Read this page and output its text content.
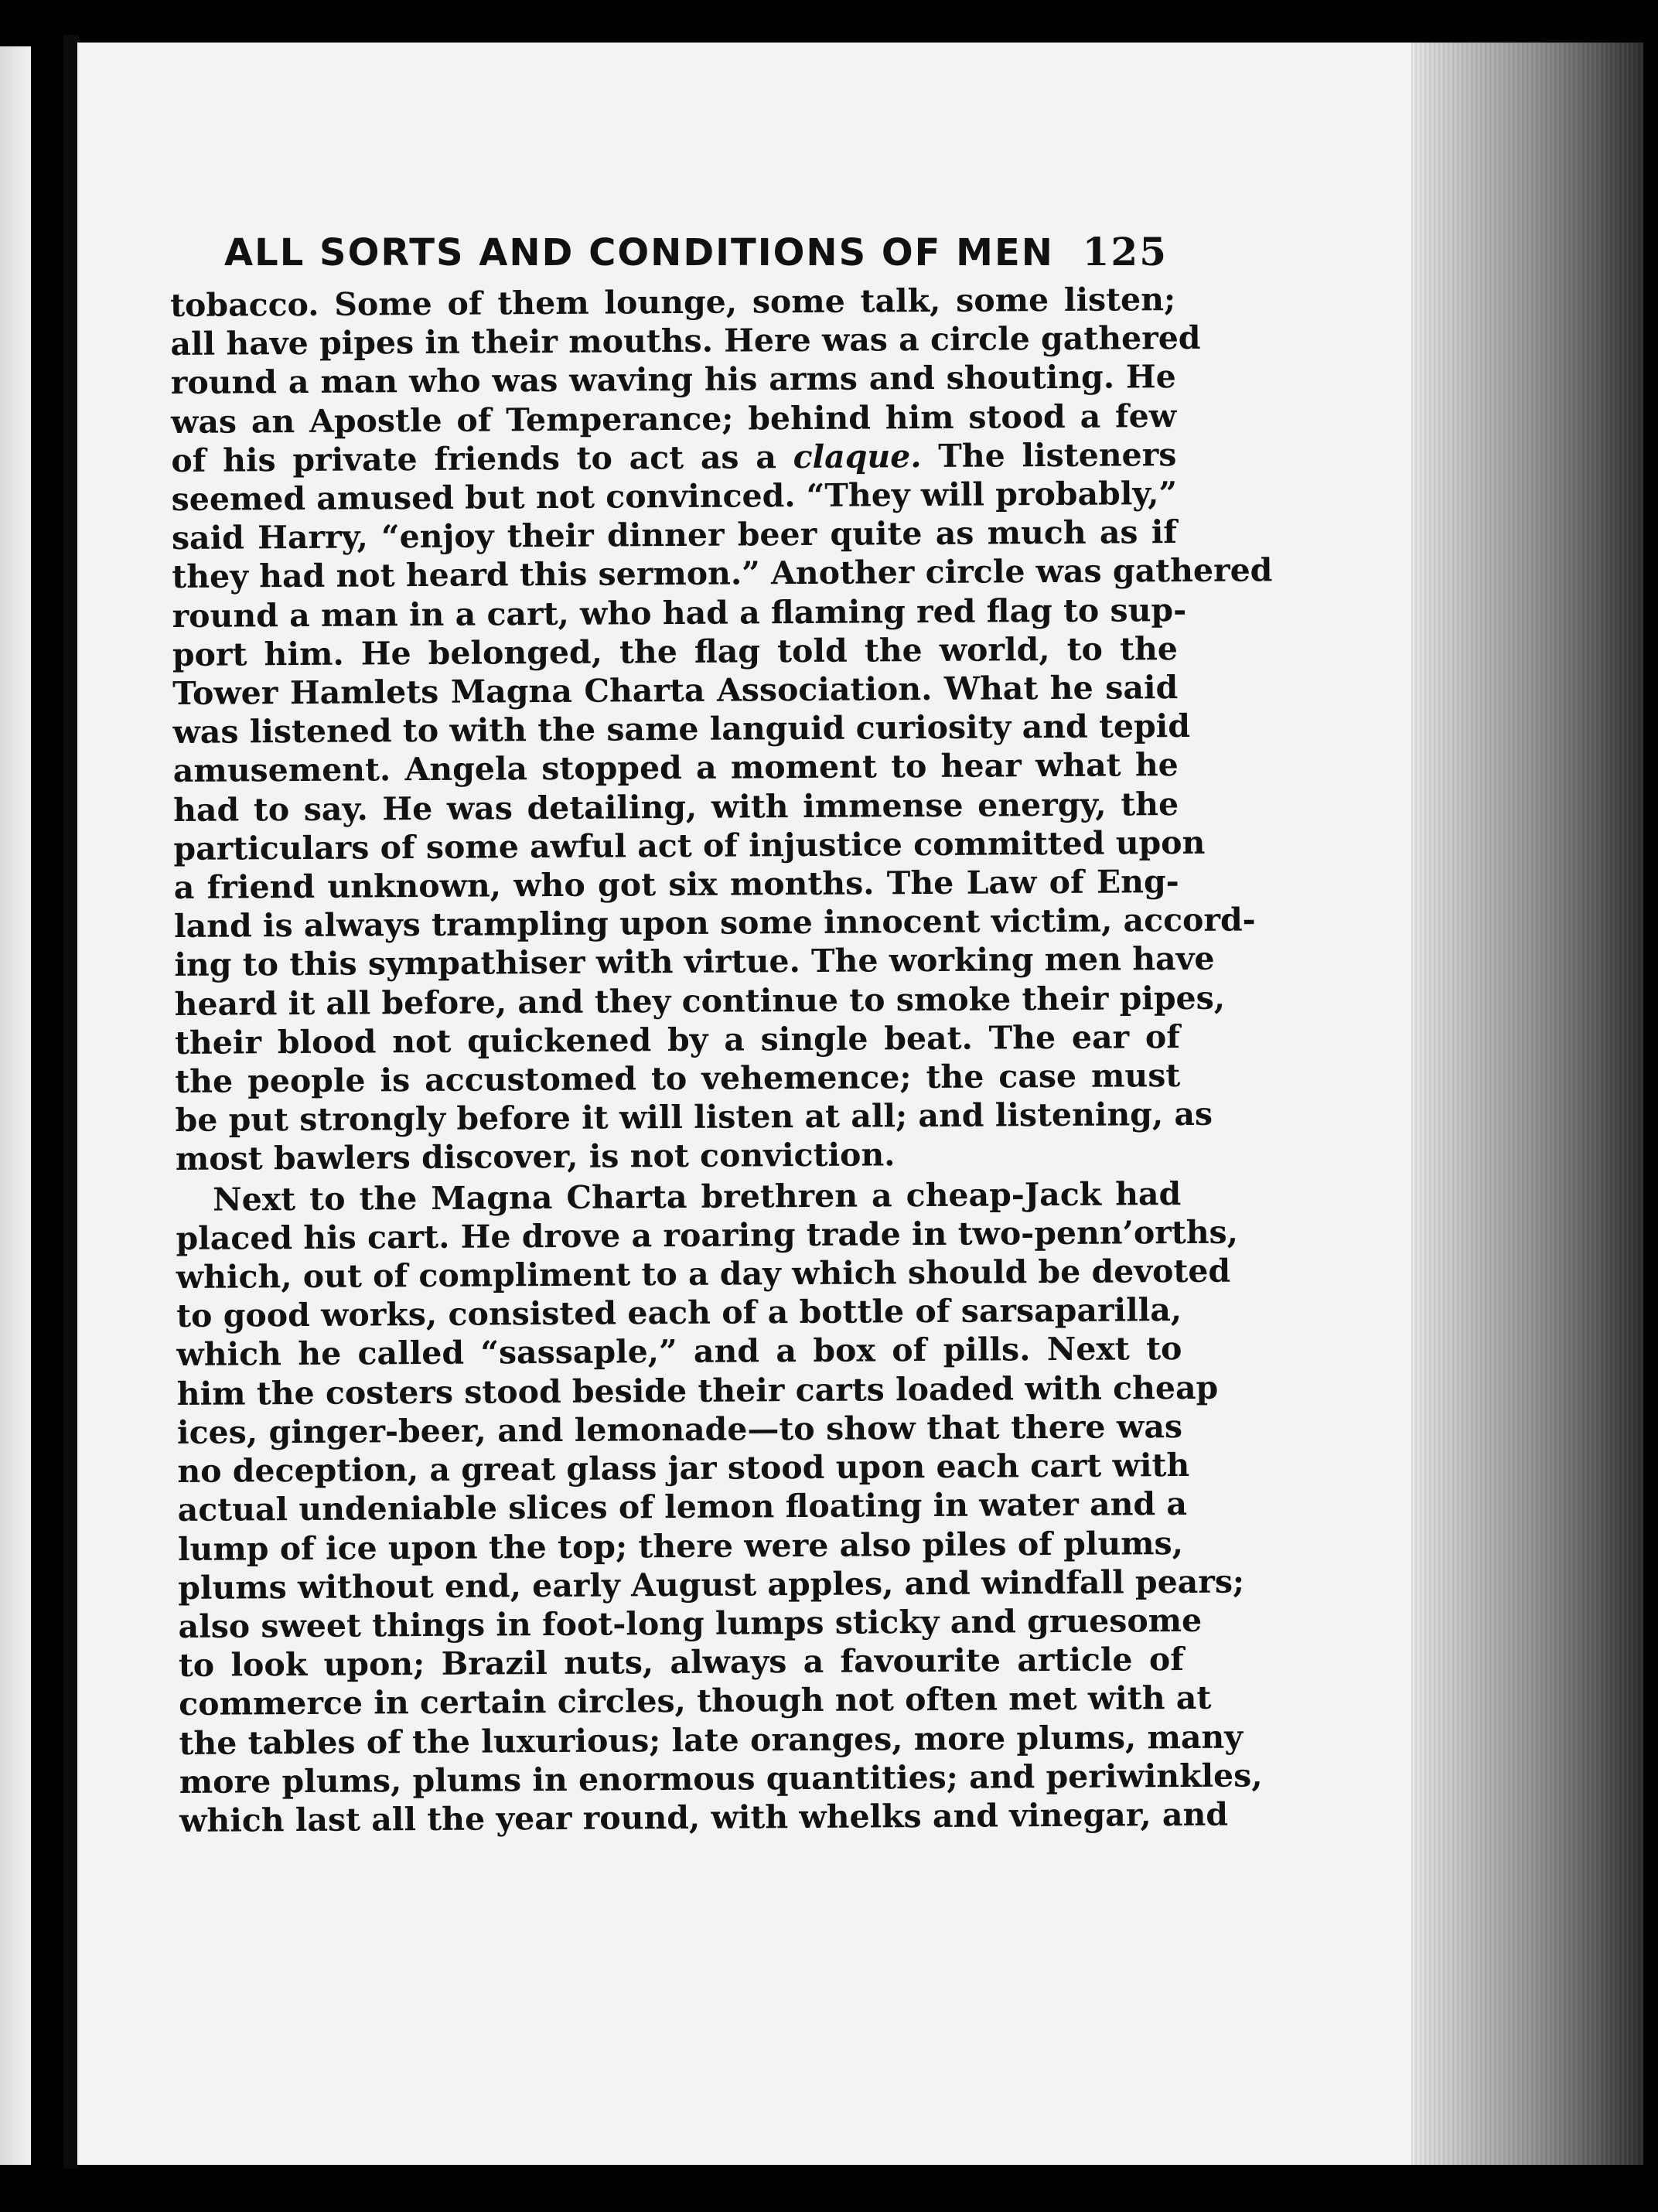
ALL SORTS AND CONDITIONS OF MEN 125
tobacco. Some of them lounge, some talk, some listen;
all have pipes in their mouths. Here was a circle gathered
round a man who was waving his arms and shouting. He
was an Apostle of Temperance; behind him stood a few
of his private friends to act as a claque. The listeners
seemed amused but not convinced. “They will probably,”
said Harry, “enjoy their dinner beer quite as much as if
they had not heard this sermon.” Another circle was gathered
round a man in a cart, who had a flaming red flag to sup-
port him. He belonged, the flag told the world, to the
Tower Hamlets Magna Charta Association. What he said
was listened to with the same languid curiosity and tepid
amusement. Angela stopped a moment to hear what he
had to say. He was detailing, with immense energy, the
particulars of some awful act of injustice committed upon
a friend unknown, who got six months. The Law of Eng-
land is always trampling upon some innocent victim, accord-
ing to this sympathiser with virtue. The working men have
heard it all before, and they continue to smoke their pipes,
their blood not quickened by a single beat. The ear of
the people is accustomed to vehemence; the case must
be put strongly before it will listen at all; and listening, as
most bawlers discover, is not conviction.
Next to the Magna Charta brethren a cheap-Jack had
placed his cart. He drove a roaring trade in two-penn’orths,
which, out of compliment to a day which should be devoted
to good works, consisted each of a bottle of sarsaparilla,
which he called “sassaple,” and a box of pills. Next to
him the costers stood beside their carts loaded with cheap
ices, ginger-beer, and lemonade—to show that there was
no deception, a great glass jar stood upon each cart with
actual undeniable slices of lemon floating in water and a
lump of ice upon the top; there were also piles of plums,
plums without end, early August apples, and windfall pears;
also sweet things in foot-long lumps sticky and gruesome
to look upon; Brazil nuts, always a favourite article of
commerce in certain circles, though not often met with at
the tables of the luxurious; late oranges, more plums, many
more plums, plums in enormous quantities; and periwinkles,
which last all the year round, with whelks and vinegar, and
